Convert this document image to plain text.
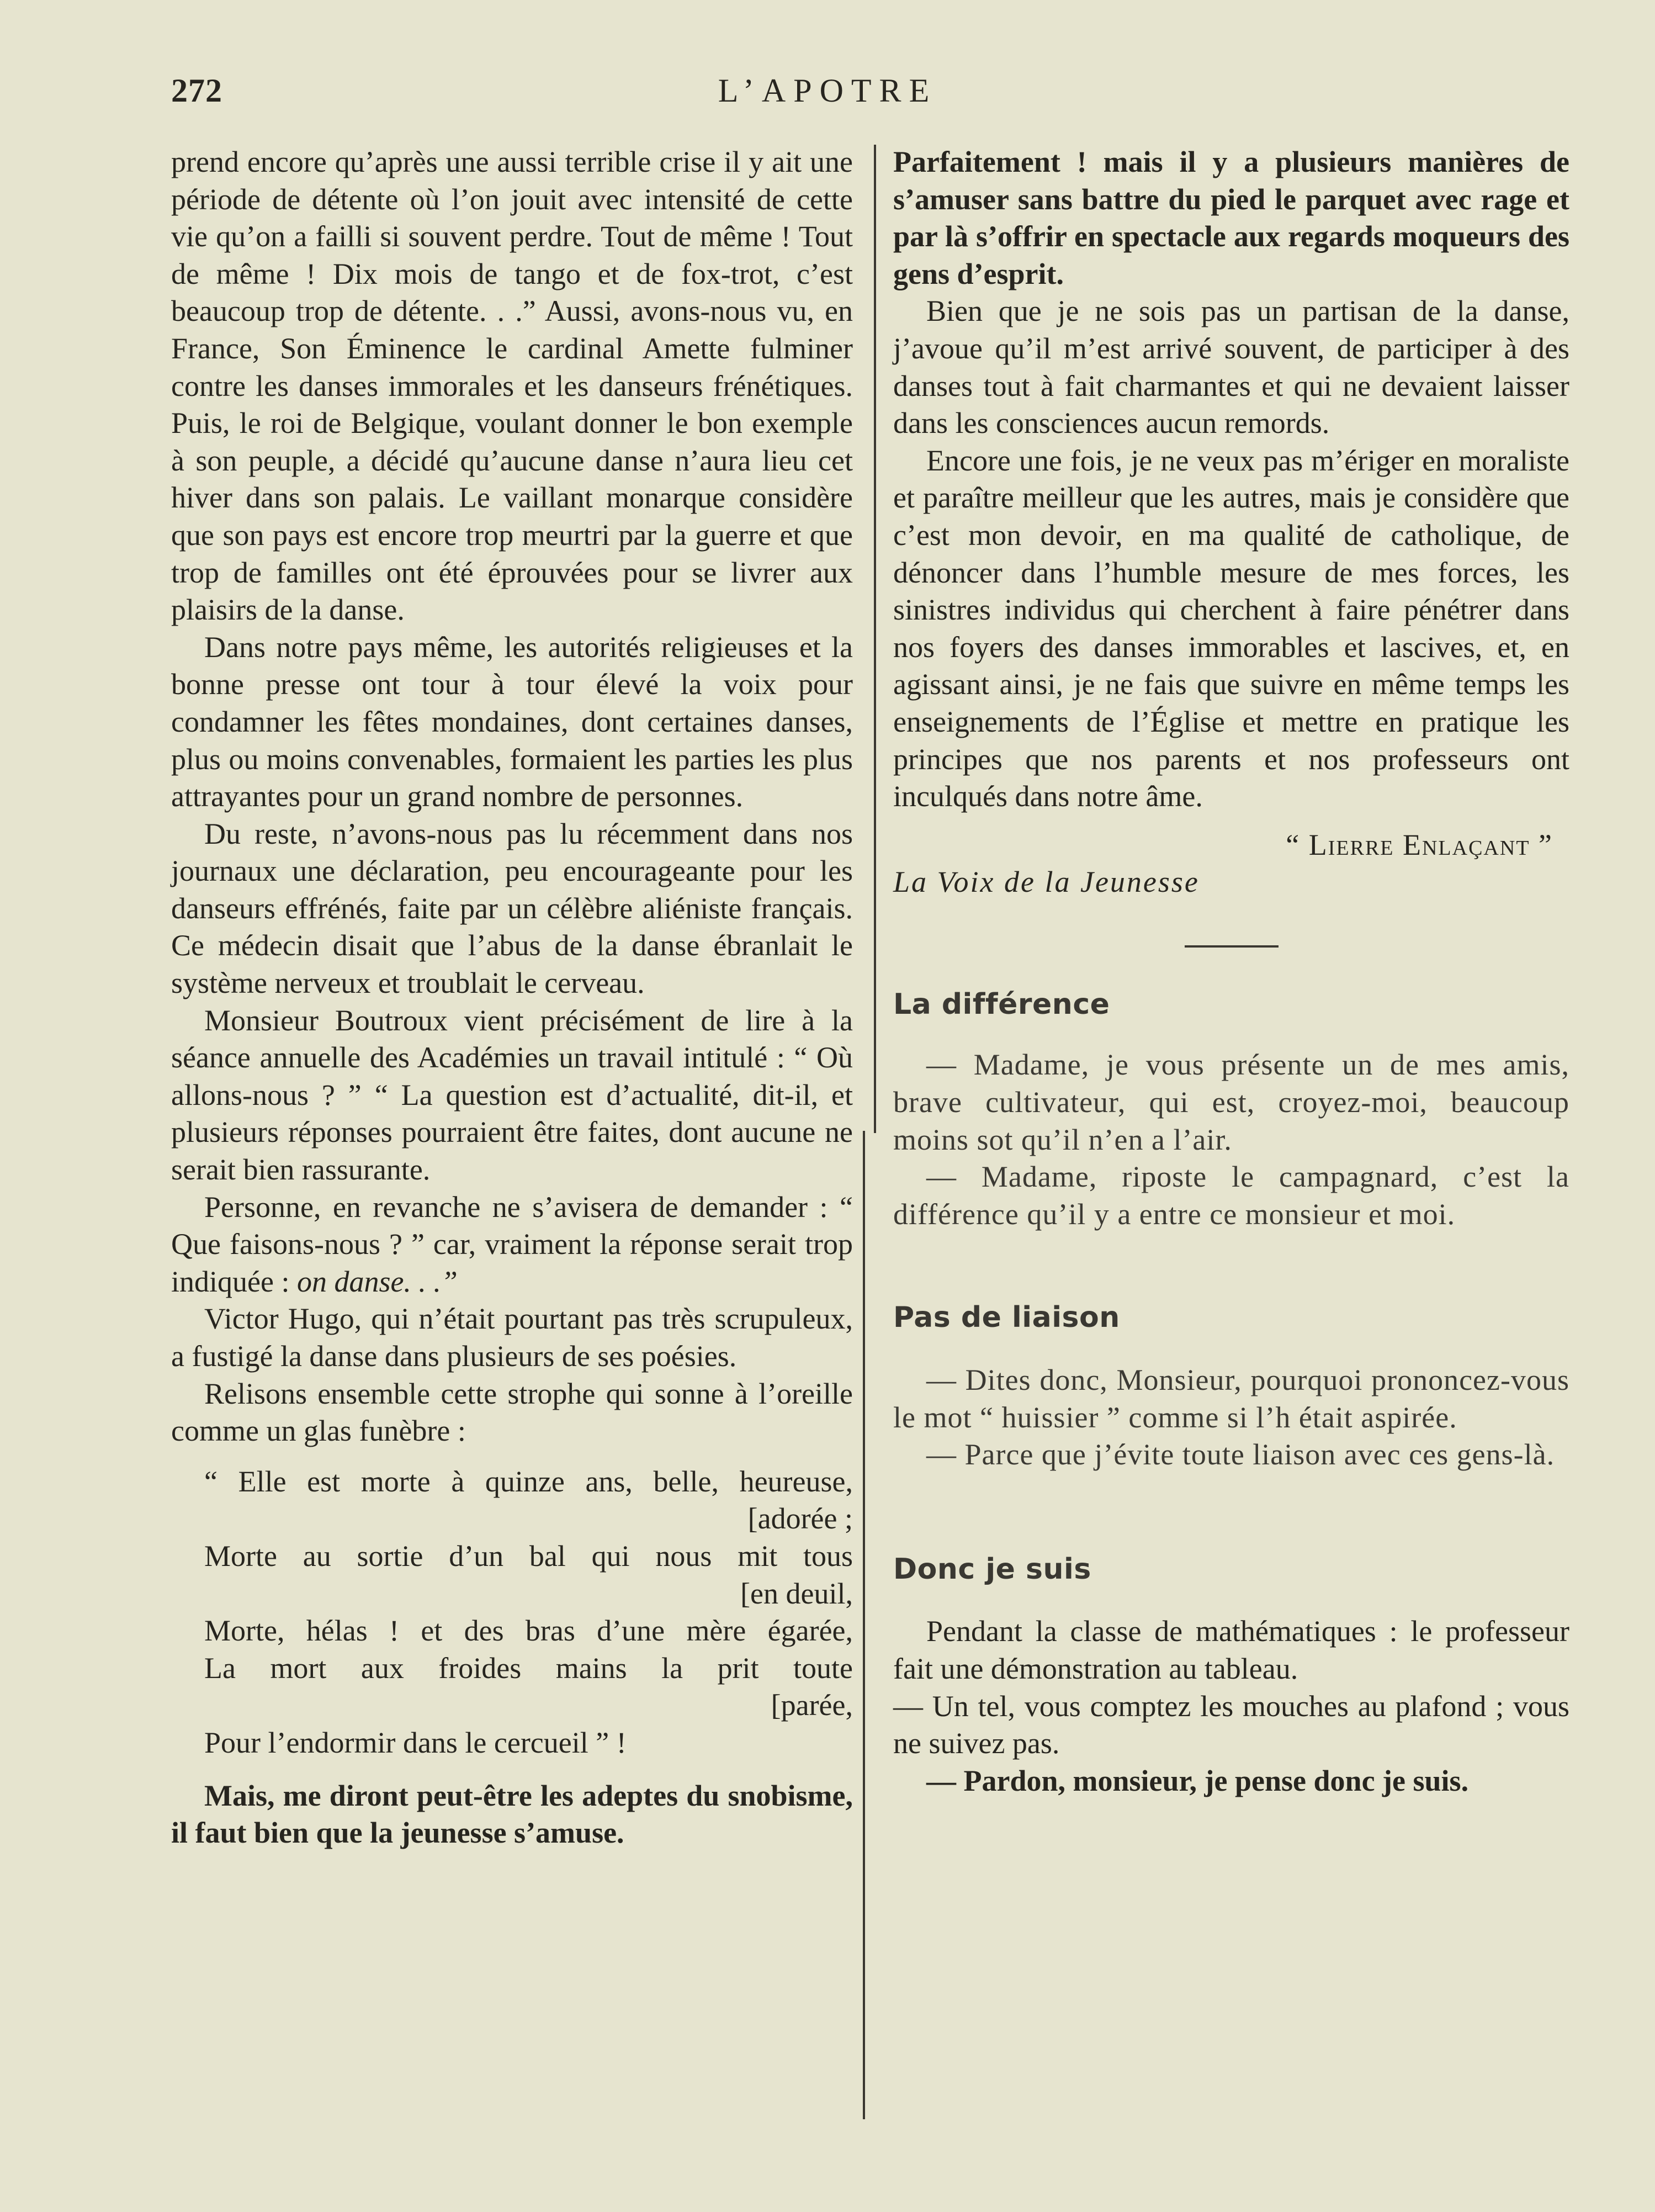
272	L’APOTRE

prend encore qu’après une aussi terrible crise il y ait une période de détente où l’on jouit avec intensité de cette vie qu’on a failli si souvent perdre. Tout de même ! Tout de même ! Dix mois de tango et de fox-trot, c’est beaucoup trop de détente. . .” Aussi, avons-nous vu, en France, Son Éminence le cardinal Amette fulminer contre les danses immorales et les danseurs frénétiques. Puis, le roi de Belgique, voulant donner le bon exemple à son peuple, a décidé qu’aucune danse n’aura lieu cet hiver dans son palais. Le vaillant monarque considère que son pays est encore trop meurtri par la guerre et que trop de familles ont été éprouvées pour se livrer aux plaisirs de la danse.

Dans notre pays même, les autorités religieuses et la bonne presse ont tour à tour élevé la voix pour condamner les fêtes mondaines, dont certaines danses, plus ou moins convenables, formaient les parties les plus attrayantes pour un grand nombre de personnes.

Du reste, n’avons-nous pas lu récemment dans nos journaux une déclaration, peu encourageante pour les danseurs effrénés, faite par un célèbre aliéniste français. Ce médecin disait que l’abus de la danse ébranlait le système nerveux et troublait le cerveau.

Monsieur Boutroux vient précisément de lire à la séance annuelle des Académies un travail intitulé : “ Où allons-nous ? ” “ La question est d’actualité, dit-il, et plusieurs réponses pourraient être faites, dont aucune ne serait bien rassurante.

Personne, en revanche ne s’avisera de demander : “ Que faisons-nous ? ” car, vraiment la réponse serait trop indiquée : on danse. . .”

Victor Hugo, qui n’était pourtant pas très scrupuleux, a fustigé la danse dans plusieurs de ses poésies.

Relisons ensemble cette strophe qui sonne à l’oreille comme un glas funèbre :

“ Elle est morte à quinze ans, belle, heureuse,
[adorée ;
Morte au sortie d’un bal qui nous mit tous
[en deuil,
Morte, hélas ! et des bras d’une mère égarée,
La mort aux froides mains la prit toute
[parée,
Pour l’endormir dans le cercueil ” !

Mais, me diront peut-être les adeptes du snobisme, il faut bien que la jeunesse s’amuse.

Parfaitement ! mais il y a plusieurs manières de s’amuser sans battre du pied le parquet avec rage et par là s’offrir en spectacle aux regards moqueurs des gens d’esprit.

Bien que je ne sois pas un partisan de la danse, j’avoue qu’il m’est arrivé souvent, de participer à des danses tout à fait charmantes et qui ne devaient laisser dans les consciences aucun remords.

Encore une fois, je ne veux pas m’ériger en moraliste et paraître meilleur que les autres, mais je considère que c’est mon devoir, en ma qualité de catholique, de dénoncer dans l’humble mesure de mes forces, les sinistres individus qui cherchent à faire pénétrer dans nos foyers des danses immorables et lascives, et, en agissant ainsi, je ne fais que suivre en même temps les enseignements de l’Église et mettre en pratique les principes que nos parents et nos professeurs ont inculqués dans notre âme.

“ Lierre Enlaçant ”
La Voix de la Jeunesse
La différence

— Madame, je vous présente un de mes amis, brave cultivateur, qui est, croyez-moi, beaucoup moins sot qu’il n’en a l’air.

— Madame, riposte le campagnard, c’est la différence qu’il y a entre ce monsieur et moi.

Pas de liaison

— Dites donc, Monsieur, pourquoi prononcez-vous le mot “ huissier ” comme si l’h était aspirée.

— Parce que j’évite toute liaison avec ces gens-là.

Donc je suis

Pendant la classe de mathématiques : le professeur fait une démonstration au tableau.

— Un tel, vous comptez les mouches au plafond ; vous ne suivez pas.

— Pardon, monsieur, je pense donc je suis.
